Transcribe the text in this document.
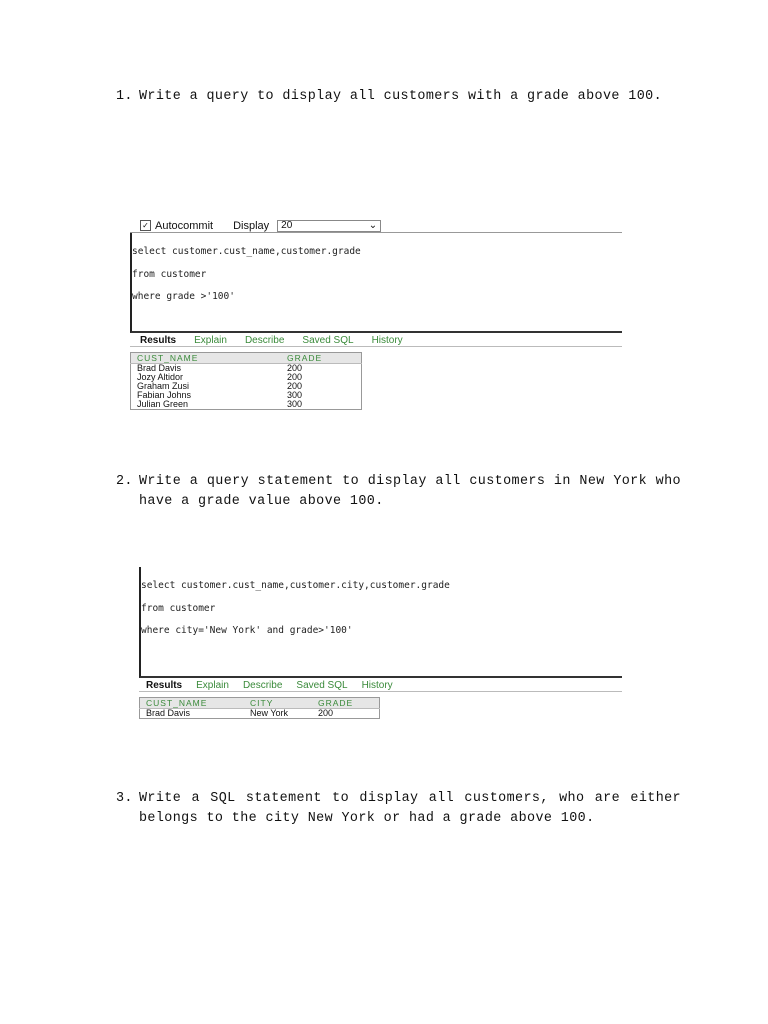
1. Write a query to display all customers with a grade above 100.
✓ Autocommit Display 20	⌄

select customer.cust_name,customer.grade

from customer

where grade >'100'

Results Explain Describe Saved SQL History
CUST_NAME	GRADE
Brad Davis	200
Jozy Altidor	200
Graham Zusi	200
Fabian Johns	300
Julian Green	300
2. Write a query statement to display all customers in New York who have a grade value above 100.

select customer.cust_name,customer.city,customer.grade

from customer

where city='New York' and grade>'100'

Results Explain Describe Saved SQL History
CUST_NAME	CITY	GRADE
Brad Davis	New York	200
3. Write a SQL statement to display all customers, who are either belongs to the city New York or had a grade above 100.
